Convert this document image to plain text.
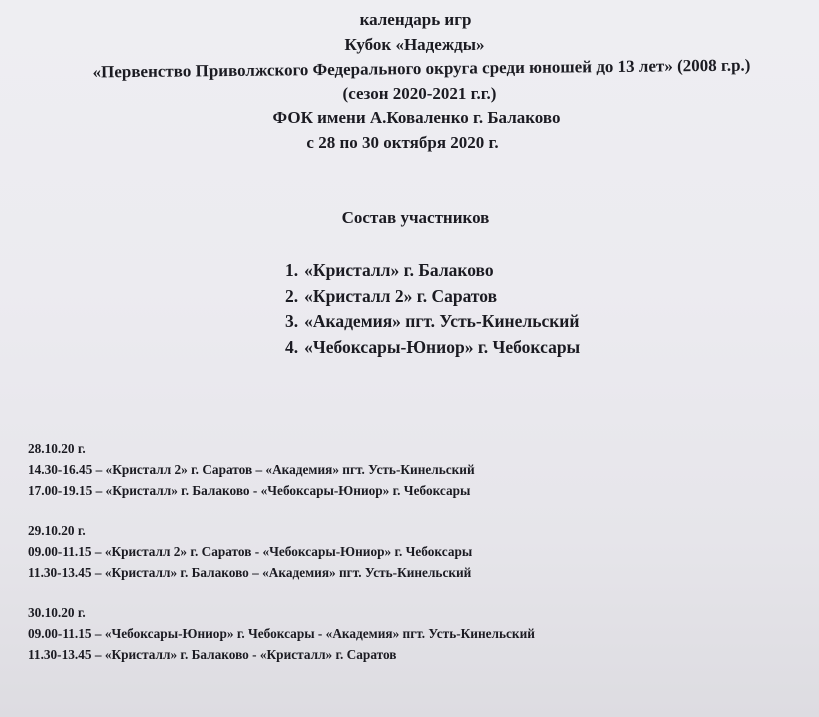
календарь игр
Кубок «Надежды»
«Первенство Приволжского Федерального округа среди юношей до 13 лет» (2008 г.р.)
(сезон 2020-2021 г.г.)
ФОК имени А.Коваленко г. Балаково
с 28 по 30 октября 2020 г.
Состав участников
1. «Кристалл» г. Балаково
2. «Кристалл 2» г. Саратов
3. «Академия» пгт. Усть-Кинельский
4. «Чебоксары-Юниор» г. Чебоксары
28.10.20 г.
14.30-16.45 – «Кристалл 2» г. Саратов – «Академия» пгт. Усть-Кинельский
17.00-19.15 – «Кристалл» г. Балаково - «Чебоксары-Юниор» г. Чебоксары
29.10.20 г.
09.00-11.15 – «Кристалл 2» г. Саратов - «Чебоксары-Юниор» г. Чебоксары
11.30-13.45 – «Кристалл» г. Балаково – «Академия» пгт. Усть-Кинельский
30.10.20 г.
09.00-11.15 – «Чебоксары-Юниор» г. Чебоксары - «Академия» пгт. Усть-Кинельский
11.30-13.45 – «Кристалл» г. Балаково - «Кристалл» г. Саратов
